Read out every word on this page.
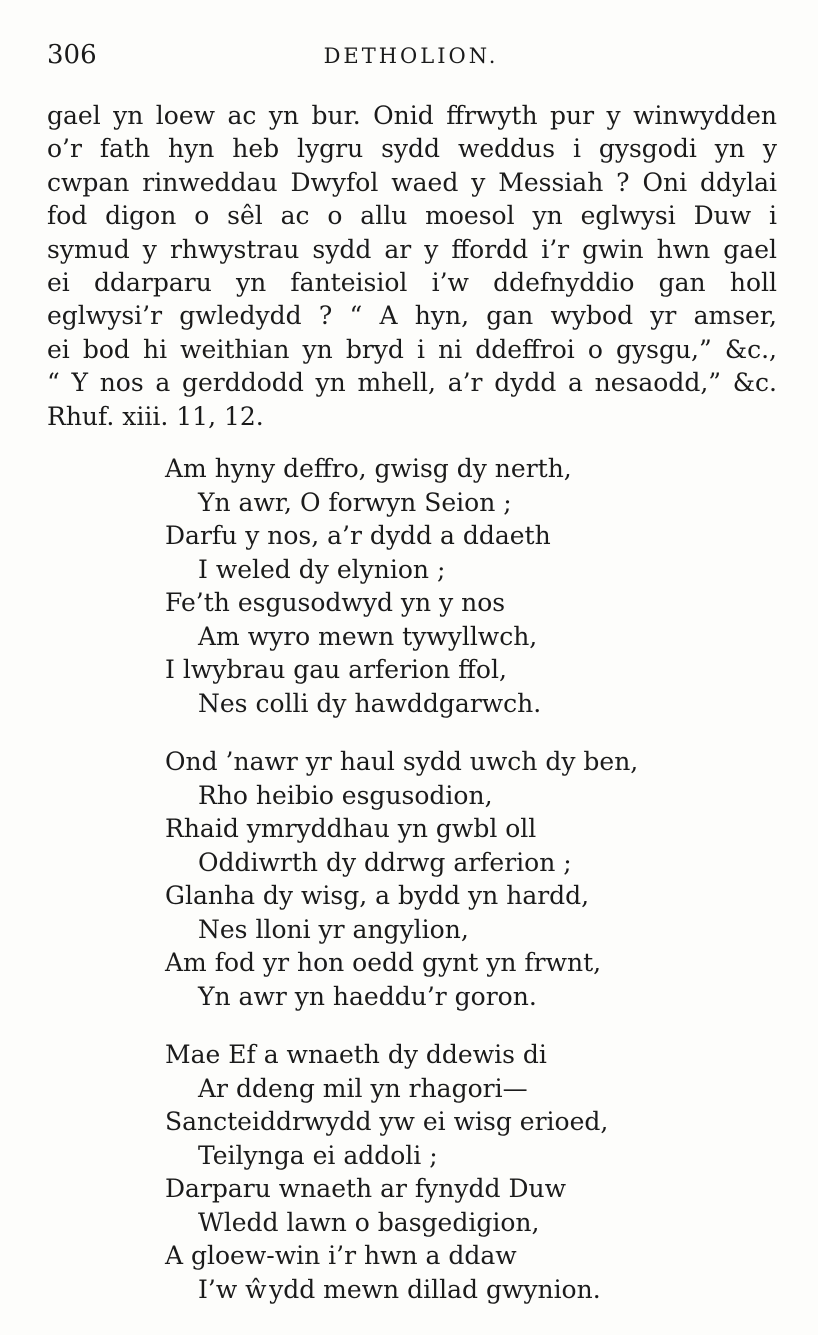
306	DETHOLION.
gael yn loew ac yn bur. Onid ffrwyth pur y winwydden
o’r fath hyn heb lygru sydd weddus i gysgodi yn y
cwpan rinweddau Dwyfol waed y Messiah ? Oni ddylai
fod digon o sêl ac o allu moesol yn eglwysi Duw i
symud y rhwystrau sydd ar y ffordd i’r gwin hwn gael
ei ddarparu yn fanteisiol i’w ddefnyddio gan holl
eglwysi’r gwledydd ? “ A hyn, gan wybod yr amser,
ei bod hi weithian yn bryd i ni ddeffroi o gysgu,” &c.,
“ Y nos a gerddodd yn mhell, a’r dydd a nesaodd,” &c.
Rhuf. xiii. 11, 12.
Am hyny deffro, gwisg dy nerth,
Yn awr, O forwyn Seion ;
Darfu y nos, a’r dydd a ddaeth
I weled dy elynion ;
Fe’th esgusodwyd yn y nos
Am wyro mewn tywyllwch,
I lwybrau gau arferion ffol,
Nes colli dy hawddgarwch.
Ond ’nawr yr haul sydd uwch dy ben,
Rho heibio esgusodion,
Rhaid ymryddhau yn gwbl oll
Oddiwrth dy ddrwg arferion ;
Glanha dy wisg, a bydd yn hardd,
Nes lloni yr angylion,
Am fod yr hon oedd gynt yn frwnt,
Yn awr yn haeddu’r goron.
Mae Ef a wnaeth dy ddewis di
Ar ddeng mil yn rhagori—
Sancteiddrwydd yw ei wisg erioed,
Teilynga ei addoli ;
Darparu wnaeth ar fynydd Duw
Wledd lawn o basgedigion,
A gloew-win i’r hwn a ddaw
I’w ŵydd mewn dillad gwynion.
